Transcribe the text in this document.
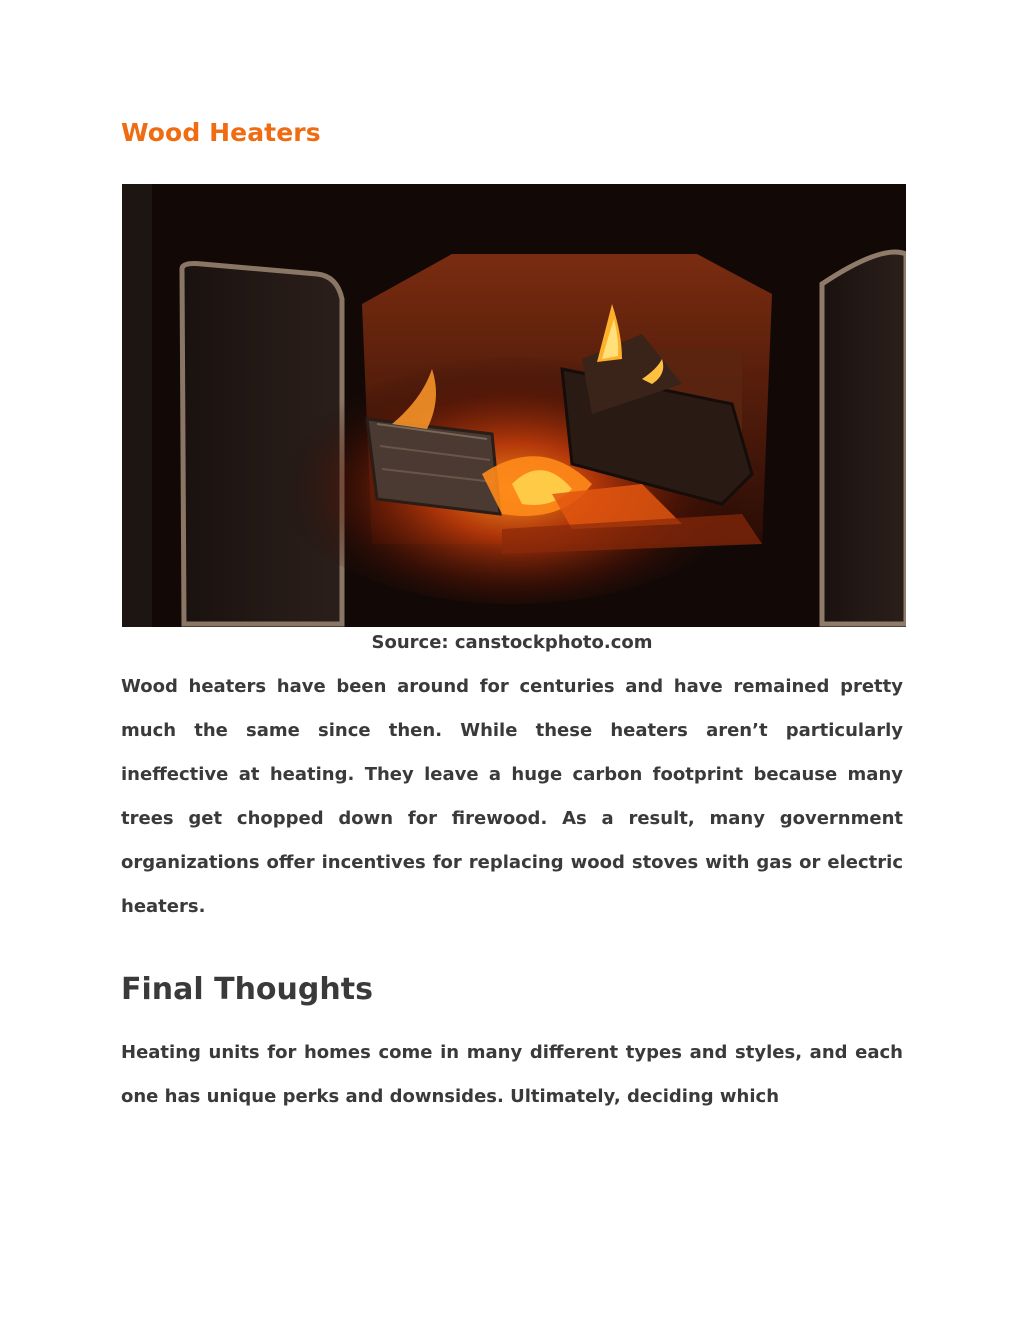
Wood Heaters

Source: canstockphoto.com

Wood heaters have been around for centuries and have remained pretty much the same since then. While these heaters aren’t particularly ineffective at heating. They leave a huge carbon footprint because many trees get chopped down for firewood. As a result, many government organizations offer incentives for replacing wood stoves with gas or electric heaters.

Final Thoughts

Heating units for homes come in many different types and styles, and each one has unique perks and downsides. Ultimately, deciding which
